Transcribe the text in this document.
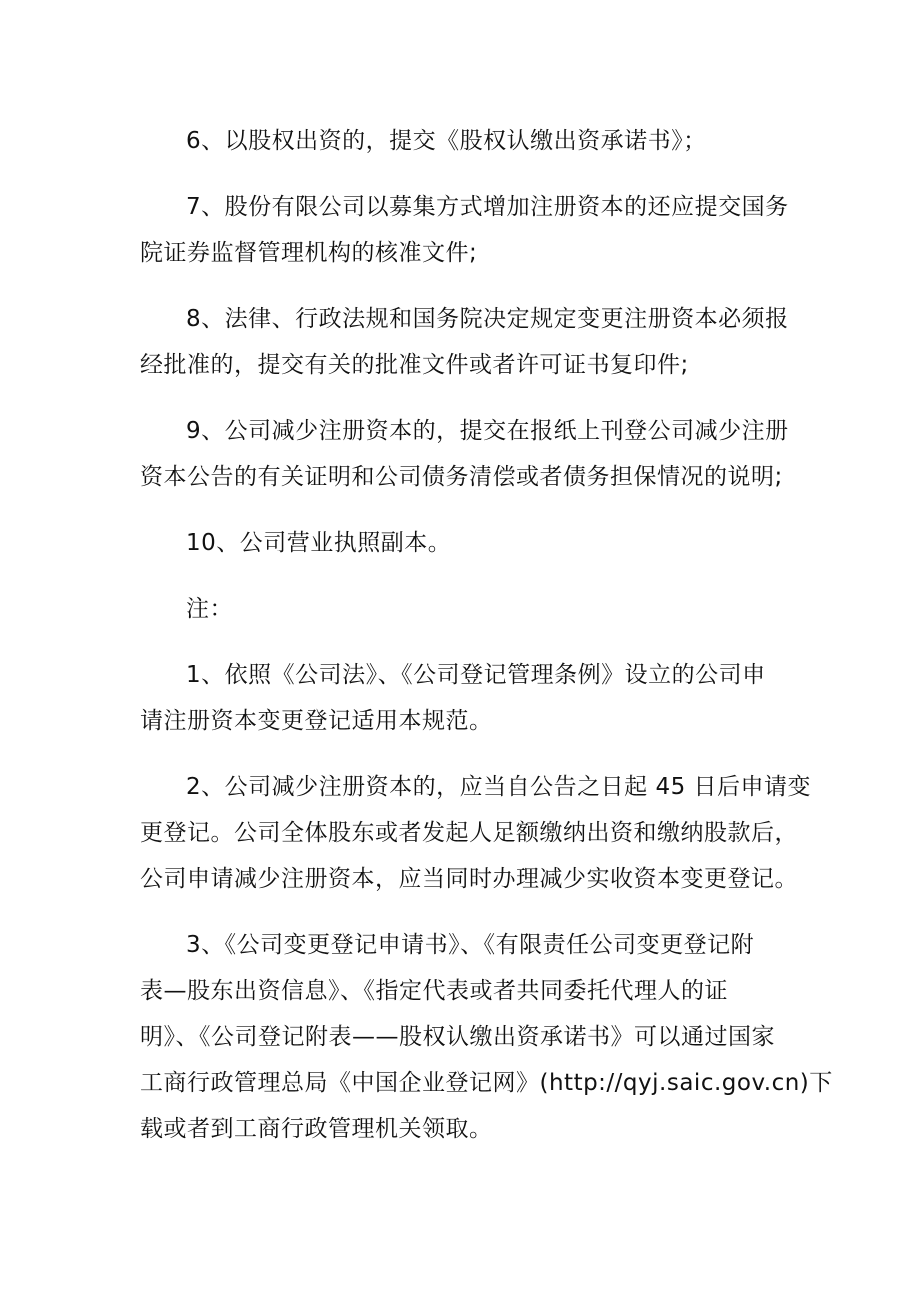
6、以股权出资的，提交《股权认缴出资承诺书》；

7、股份有限公司以募集方式增加注册资本的还应提交国务
院证券监督管理机构的核准文件;

8、法律、行政法规和国务院决定规定变更注册资本必须报
经批准的，提交有关的批准文件或者许可证书复印件;

9、公司减少注册资本的，提交在报纸上刊登公司减少注册
资本公告的有关证明和公司债务清偿或者债务担保情况的说明;

10、公司营业执照副本。

注：

1、依照《公司法》、《公司登记管理条例》设立的公司申
请注册资本变更登记适用本规范。

2、公司减少注册资本的，应当自公告之日起 45 日后申请变
更登记。公司全体股东或者发起人足额缴纳出资和缴纳股款后，
公司申请减少注册资本，应当同时办理减少实收资本变更登记。

3、《公司变更登记申请书》、《有限责任公司变更登记附
表—股东出资信息》、《指定代表或者共同委托代理人的证
明》、《公司登记附表——股权认缴出资承诺书》可以通过国家
工商行政管理总局《中国企业登记网》(http://qyj.saic.gov.cn)下
载或者到工商行政管理机关领取。
